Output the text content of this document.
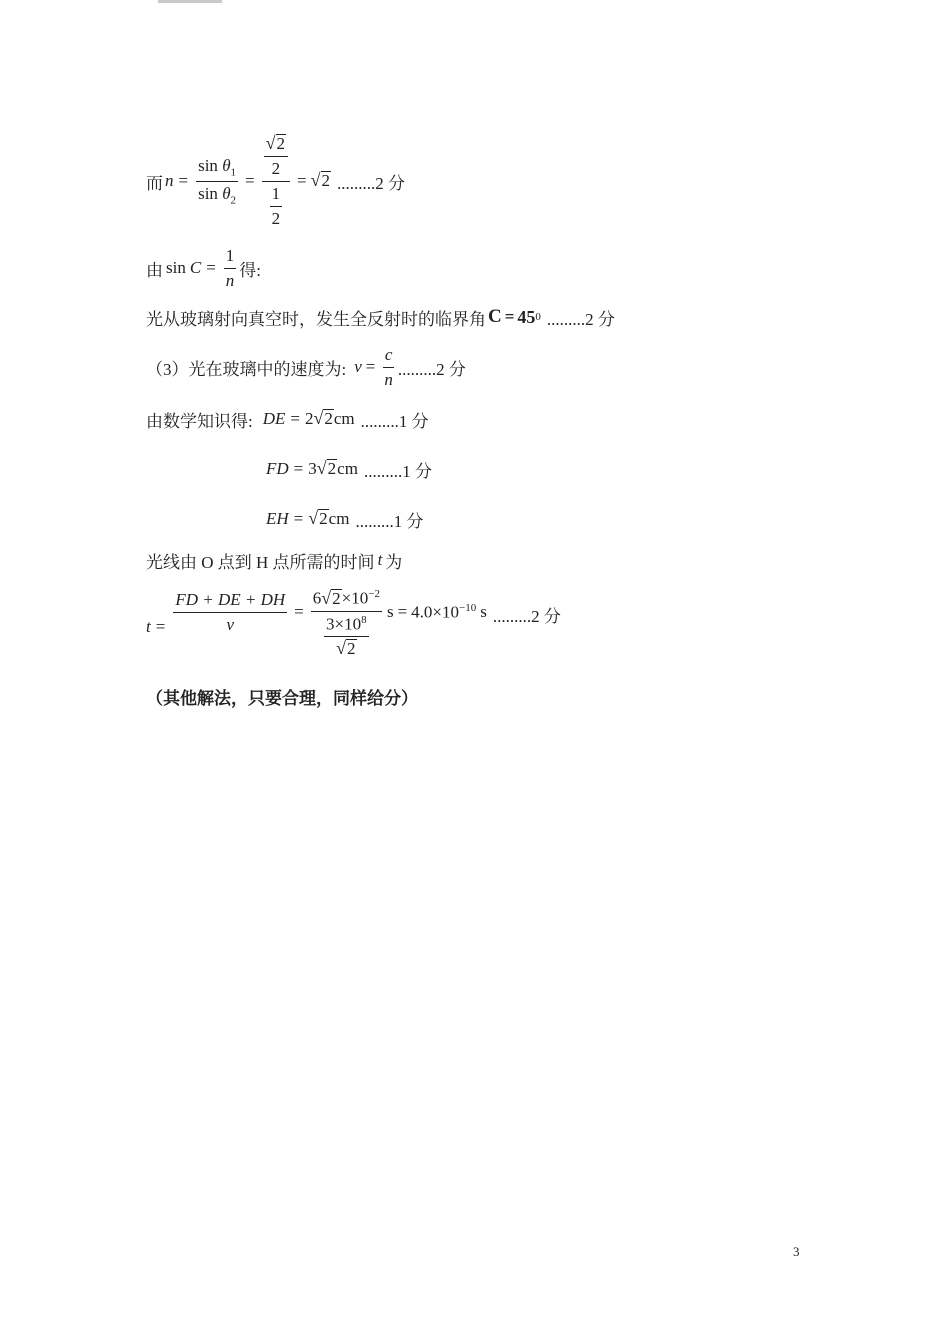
而 $n = \frac{\sin \theta_1}{\sin \theta_2} = \frac{\frac{√ 2}{2}}{\frac{1}{2}}$ = √ 2 .........2 分
由 $\sin C = \frac{1}{n}$ 得:
光从玻璃射向真空时，发生全反射时的临界角 C = 45 0 .........2 分
（3）光在玻璃中的速度为: $v = \frac{c}{n} .........2$ 分
由数学知识得: DE = 2 √ 2 cm .........1 分
FD = 3 √ 2 cm .........1 分
EH = √ 2 cm .........1 分
光线由 O 点到 H 点所需的时间 t 为
$t = \frac{FD + DE + DH}{v} = \frac{6 √ 2 \times 10^{-2}}{\frac{3\times 10^8}{√ 2}}$ $s = 4.0\times 10^{-10}$ s .........2 分
（其他解法，只要合理，同样给分）
3
